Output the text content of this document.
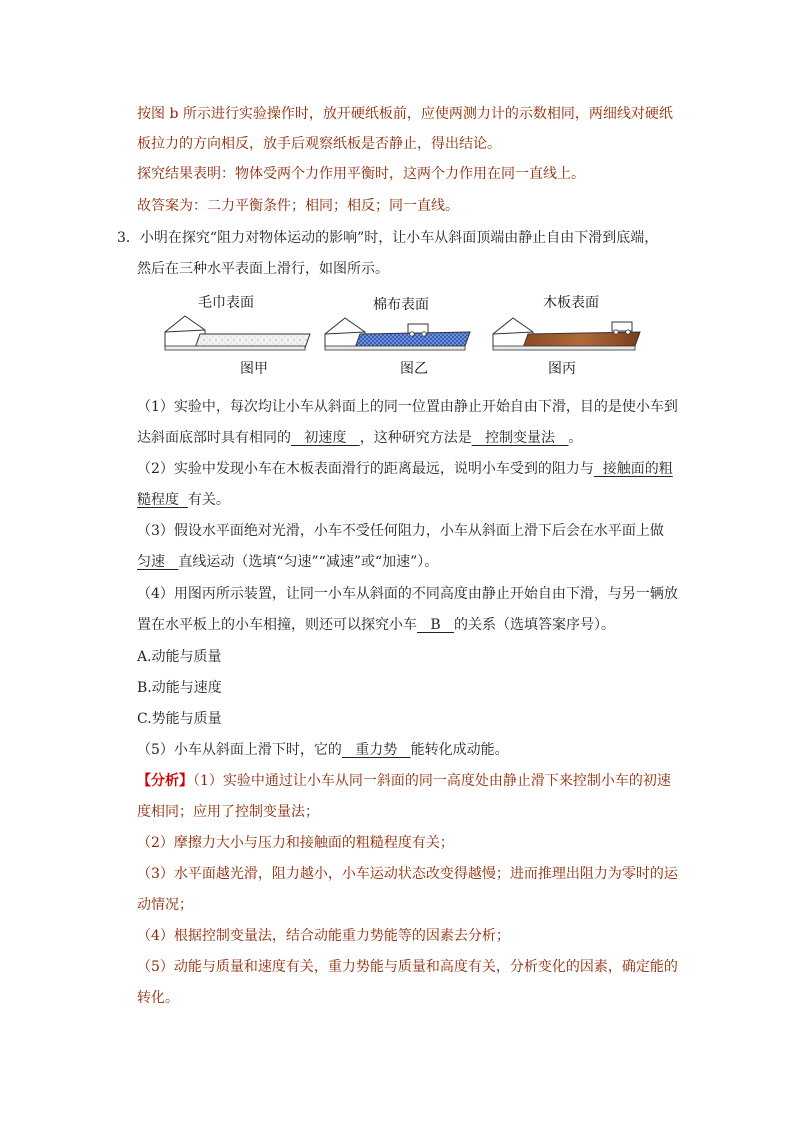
按图 b 所示进行实验操作时，放开硬纸板前，应使两测力计的示数相同，两细线对硬纸
板拉力的方向相反，放手后观察纸板是否静止，得出结论。
探究结果表明：物体受两个力作用平衡时，这两个力作用在同一直线上。
故答案为：二力平衡条件；相同；相反；同一直线。
3．小明在探究“阻力对物体运动的影响”时，让小车从斜面顶端由静止自由下滑到底端，
然后在三种水平表面上滑行，如图所示。
毛巾表面
图甲
棉布表面
图乙
木板表面
图丙
（1）实验中，每次均让小车从斜面上的同一位置由静止开始自由下滑，目的是使小车到
达斜面底部时具有相同的   初速度   ，这种研究方法是   控制变量法   。
（2）实验中发现小车在木板表面滑行的距离最远，说明小车受到的阻力与  接触面的粗
糙程度  有关。
（3）假设水平面绝对光滑，小车不受任何阻力，小车从斜面上滑下后会在水平面上做
匀速   直线运动（选填“匀速”“减速”或“加速”）。
（4）用图丙所示装置，让同一小车从斜面的不同高度由静止开始自由下滑，与另一辆放
置在水平板上的小车相撞，则还可以探究小车   B   的关系（选填答案序号）。
A.动能与质量
B.动能与速度
C.势能与质量
（5）小车从斜面上滑下时，它的   重力势   能转化成动能。
【分析】（1）实验中通过让小车从同一斜面的同一高度处由静止滑下来控制小车的初速
度相同；应用了控制变量法；
（2）摩擦力大小与压力和接触面的粗糙程度有关；
（3）水平面越光滑，阻力越小，小车运动状态改变得越慢；进而推理出阻力为零时的运
动情况；
（4）根据控制变量法，结合动能重力势能等的因素去分析；
（5）动能与质量和速度有关，重力势能与质量和高度有关，分析变化的因素，确定能的
转化。
